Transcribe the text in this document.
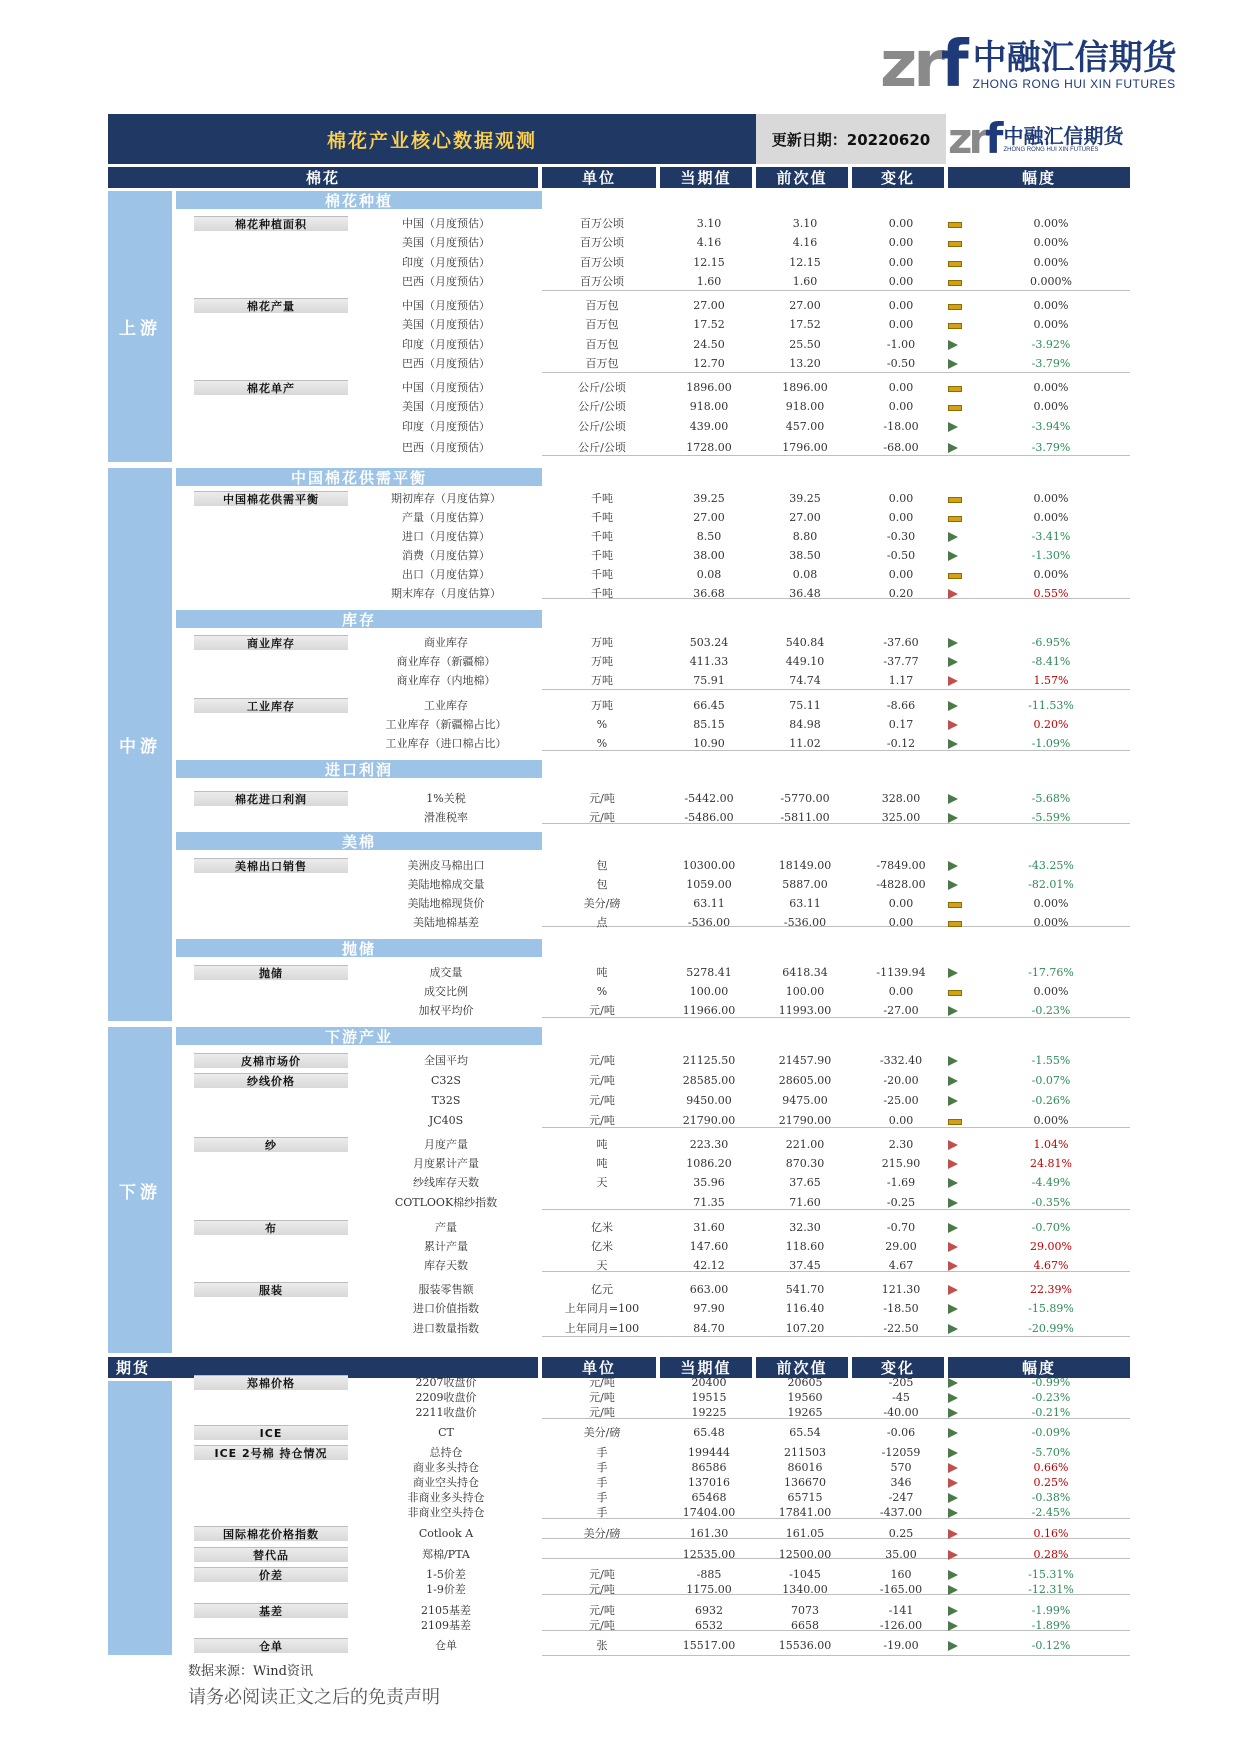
zrf 中融汇信期货
ZHONG RONG HUI XIN FUTURES
棉花产业核心数据观测	更新日期：20220620 zrf 中融汇信期货
ZHONG RONG HUI XIN FUTURES
棉花	单位	当期值	前次值	变化	幅度
期货	单位	当期值	前次值	变化	幅度
上游
中游
下游
棉花种植
中国棉花供需平衡
库存
进口利润
美棉
抛储
下游产业
棉花种植面积
棉花产量
棉花单产
中国棉花供需平衡
商业库存
工业库存
棉花进口利润
美棉出口销售
抛储
皮棉市场价
纱线价格
纱
布
服装
郑棉价格
ICE
ICE 2号棉 持仓情况
国际棉花价格指数
替代品
价差
基差
仓单
中国（月度预估）	百万公顷	3.10	3.10	0.00	0.00%
美国（月度预估）	百万公顷	4.16	4.16	0.00	0.00%
印度（月度预估）	百万公顷	12.15	12.15	0.00	0.00%
巴西（月度预估）	百万公顷	1.60	1.60	0.00	0.000%
中国（月度预估）	百万包	27.00	27.00	0.00	0.00%
美国（月度预估）	百万包	17.52	17.52	0.00	0.00%
印度（月度预估）	百万包	24.50	25.50	-1.00	-3.92%
巴西（月度预估）	百万包	12.70	13.20	-0.50	-3.79%
中国（月度预估）	公斤/公顷	1896.00	1896.00	0.00	0.00%
美国（月度预估）	公斤/公顷	918.00	918.00	0.00	0.00%
印度（月度预估）	公斤/公顷	439.00	457.00	-18.00	-3.94%
巴西（月度预估）	公斤/公顷	1728.00	1796.00	-68.00	-3.79%
期初库存（月度估算）	千吨	39.25	39.25	0.00	0.00%
产量（月度估算）	千吨	27.00	27.00	0.00	0.00%
进口（月度估算）	千吨	8.50	8.80	-0.30	-3.41%
消费（月度估算）	千吨	38.00	38.50	-0.50	-1.30%
出口（月度估算）	千吨	0.08	0.08	0.00	0.00%
期末库存（月度估算）	千吨	36.68	36.48	0.20	0.55%
商业库存	万吨	503.24	540.84	-37.60	-6.95%
商业库存（新疆棉）	万吨	411.33	449.10	-37.77	-8.41%
商业库存（内地棉）	万吨	75.91	74.74	1.17	1.57%
工业库存	万吨	66.45	75.11	-8.66	-11.53%
工业库存（新疆棉占比）	%	85.15	84.98	0.17	0.20%
工业库存（进口棉占比）	%	10.90	11.02	-0.12	-1.09%
1%关税	元/吨	-5442.00	-5770.00	328.00	-5.68%
滑准税率	元/吨	-5486.00	-5811.00	325.00	-5.59%
美洲皮马棉出口	包	10300.00	18149.00	-7849.00	-43.25%
美陆地棉成交量	包	1059.00	5887.00	-4828.00	-82.01%
美陆地棉现货价	美分/磅	63.11	63.11	0.00	0.00%
美陆地棉基差	点	-536.00	-536.00	0.00	0.00%
成交量	吨	5278.41	6418.34	-1139.94	-17.76%
成交比例	%	100.00	100.00	0.00	0.00%
加权平均价	元/吨	11966.00	11993.00	-27.00	-0.23%
全国平均	元/吨	21125.50	21457.90	-332.40	-1.55%
C32S	元/吨	28585.00	28605.00	-20.00	-0.07%
T32S	元/吨	9450.00	9475.00	-25.00	-0.26%
JC40S	元/吨	21790.00	21790.00	0.00	0.00%
月度产量	吨	223.30	221.00	2.30	1.04%
月度累计产量	吨	1086.20	870.30	215.90	24.81%
纱线库存天数	天	35.96	37.65	-1.69	-4.49%
COTLOOK棉纱指数	71.35	71.60	-0.25	-0.35%
产量	亿米	31.60	32.30	-0.70	-0.70%
累计产量	亿米	147.60	118.60	29.00	29.00%
库存天数	天	42.12	37.45	4.67	4.67%
服装零售额	亿元	663.00	541.70	121.30	22.39%
进口价值指数	上年同月=100	97.90	116.40	-18.50	-15.89%
进口数量指数	上年同月=100	84.70	107.20	-22.50	-20.99%
2207收盘价	元/吨	20400	20605	-205	-0.99%
2209收盘价	元/吨	19515	19560	-45	-0.23%
2211收盘价	元/吨	19225	19265	-40.00	-0.21%
CT	美分/磅	65.48	65.54	-0.06	-0.09%
总持仓	手	199444	211503	-12059	-5.70%
商业多头持仓	手	86586	86016	570	0.66%
商业空头持仓	手	137016	136670	346	0.25%
非商业多头持仓	手	65468	65715	-247	-0.38%
非商业空头持仓	手	17404.00	17841.00	-437.00	-2.45%
Cotlook A	美分/磅	161.30	161.05	0.25	0.16%
郑棉/PTA	12535.00	12500.00	35.00	0.28%
1-5价差	元/吨	-885	-1045	160	-15.31%
1-9价差	元/吨	1175.00	1340.00	-165.00	-12.31%
2105基差	元/吨	6932	7073	-141	-1.99%
2109基差	元/吨	6532	6658	-126.00	-1.89%
仓单	张	15517.00	15536.00	-19.00	-0.12%
数据来源：Wind资讯
请务必阅读正文之后的免责声明
